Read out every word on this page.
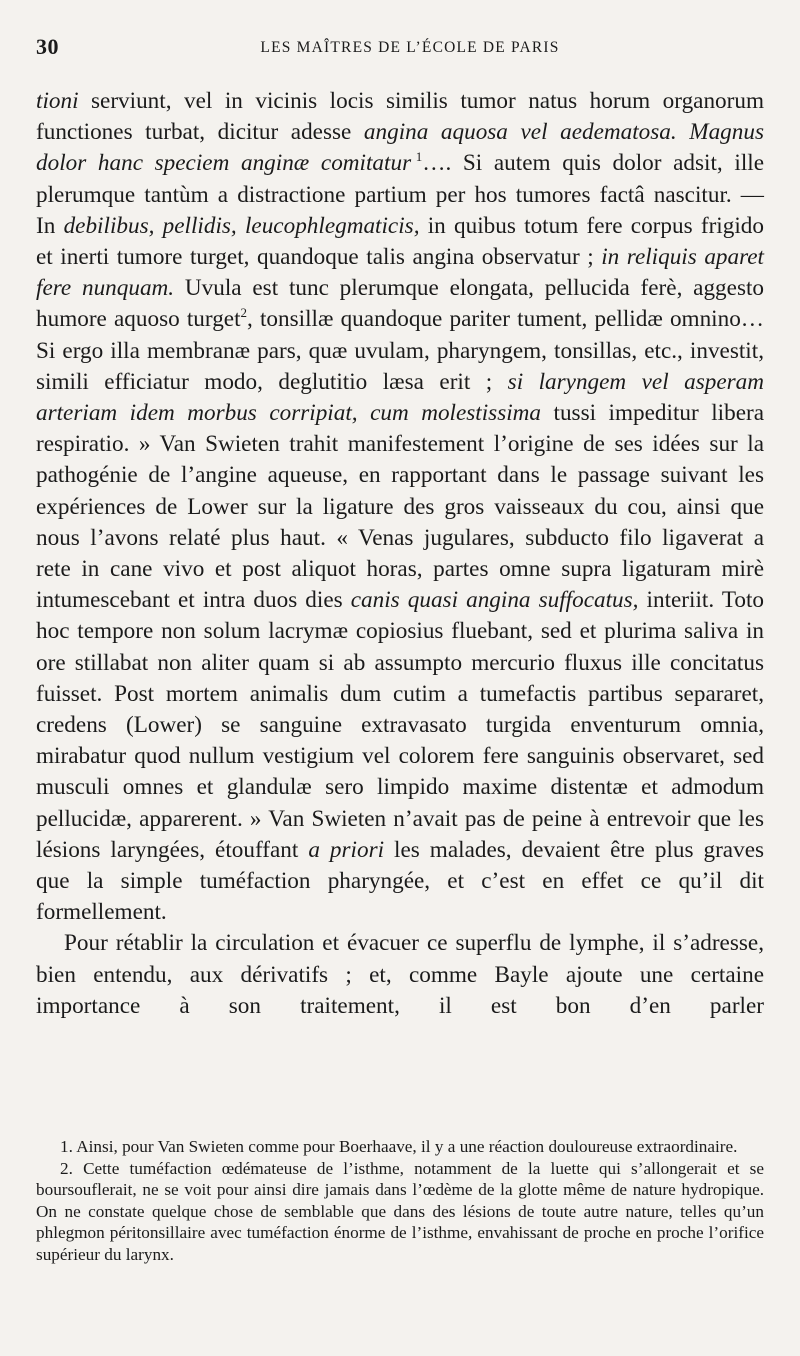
30	LES MAÎTRES DE L’ÉCOLE DE PARIS

tioni serviunt, vel in vicinis locis similis tumor natus horum organorum functiones turbat, dicitur adesse angina aquosa vel aedematosa. Magnus dolor hanc speciem anginæ comitatur  $^1$…. Si autem quis dolor adsit, ille plerumque tantùm a distractione partium per hos tumores factâ nascitur. — In debilibus, pellidis, leucophlegmaticis, in quibus totum fere corpus frigido et inerti tumore turget, quandoque talis angina observatur ; in reliquis aparet fere nunquam. Uvula est tunc plerumque elongata, pellucida ferè, aggesto humore aquoso turget$^2$, tonsillæ quandoque pariter tument, pellidæ omnino… Si ergo illa membranæ pars, quæ uvulam, pharyngem, tonsillas, etc., investit, simili efficiatur modo, deglutitio læsa erit ; si laryngem vel asperam arteriam idem morbus corripiat, cum molestissima tussi impeditur libera respiratio. » Van Swieten trahit manifestement l’origine de ses idées sur la pathogénie de l’angine aqueuse, en rapportant dans le passage suivant les expériences de Lower sur la ligature des gros vaisseaux du cou, ainsi que nous l’avons relaté plus haut. « Venas jugulares, subducto filo ligaverat a rete in cane vivo et post aliquot horas, partes omne supra ligaturam mirè intumescebant et intra duos dies canis quasi angina suffocatus, interiit. Toto hoc tempore non solum lacrymæ copiosius fluebant, sed et plurima saliva in ore stillabat non aliter quam si ab assumpto mercurio fluxus ille concitatus fuisset. Post mortem animalis dum cutim a tumefactis partibus separaret, credens (Lower) se sanguine extravasato turgida enventurum omnia, mirabatur quod nullum vestigium vel colorem fere sanguinis observaret, sed musculi omnes et glandulæ sero limpido maxime distentæ et admodum pellucidæ, apparerent. » Van Swieten n’avait pas de peine à entrevoir que les lésions laryngées, étouffant a priori les malades, devaient être plus graves que la simple tuméfaction pharyngée, et c’est en effet ce qu’il dit formellement.

Pour rétablir la circulation et évacuer ce superflu de lymphe, il s’adresse, bien entendu, aux dérivatifs ; et, comme Bayle ajoute une certaine importance à son traitement, il est bon d’en parler

1. Ainsi, pour Van Swieten comme pour Boerhaave, il y a une réaction douloureuse extraordinaire.

2. Cette tuméfaction œdémateuse de l’isthme, notamment de la luette qui s’allongerait et se boursouflerait, ne se voit pour ainsi dire jamais dans l’œdème de la glotte même de nature hydropique. On ne constate quelque chose de semblable que dans des lésions de toute autre nature, telles qu’un phlegmon péritonsillaire avec tuméfaction énorme de l’isthme, envahissant de proche en proche l’orifice supérieur du larynx.
